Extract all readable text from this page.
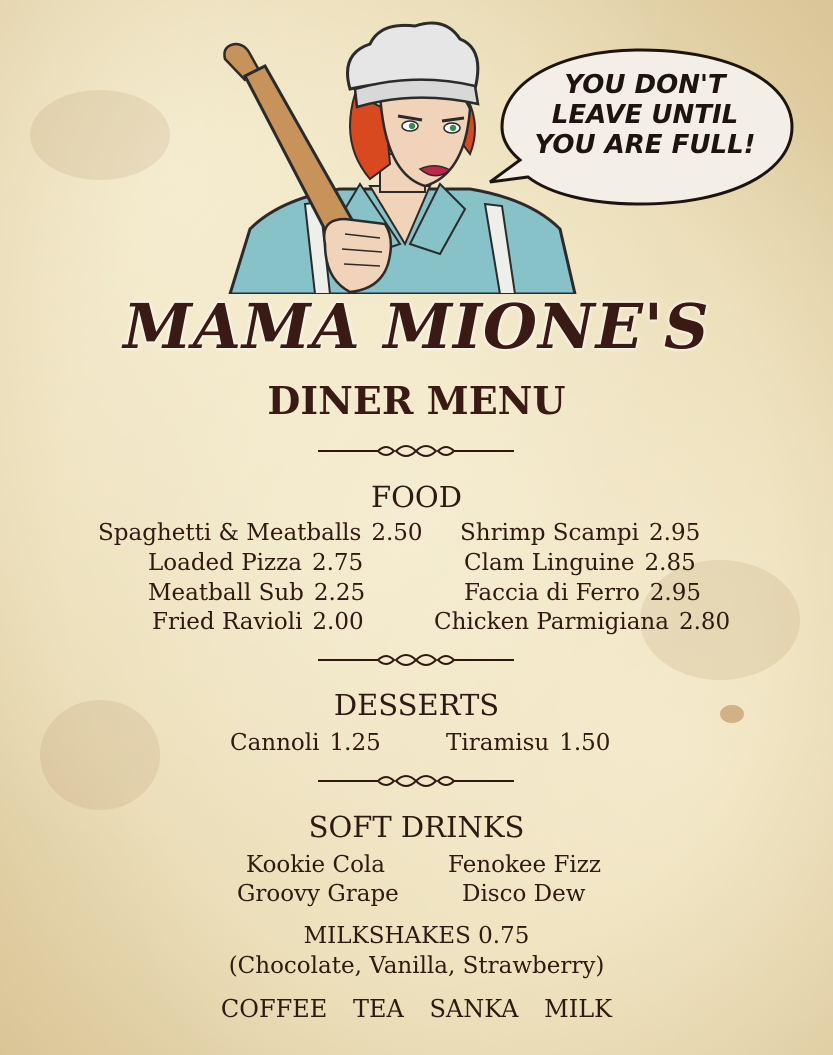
YOU DON'T
LEAVE UNTIL
YOU ARE FULL!
MAMA MIONE'S
DINER MENU
FOOD
Spaghetti & Meatballs 2.50
Loaded Pizza 2.75
Meatball Sub 2.25
Fried Ravioli 2.00
Shrimp Scampi 2.95
Clam Linguine 2.85
Faccia di Ferro 2.95
Chicken Parmigiana 2.80
DESSERTS
Cannoli 1.25	Tiramisu 1.50
SOFT DRINKS
Kookie Cola	Fenokee Fizz
Groovy Grape	Disco Dew
MILKSHAKES 0.75
(Chocolate, Vanilla, Strawberry)
COFFEE TEA SANKA MILK
